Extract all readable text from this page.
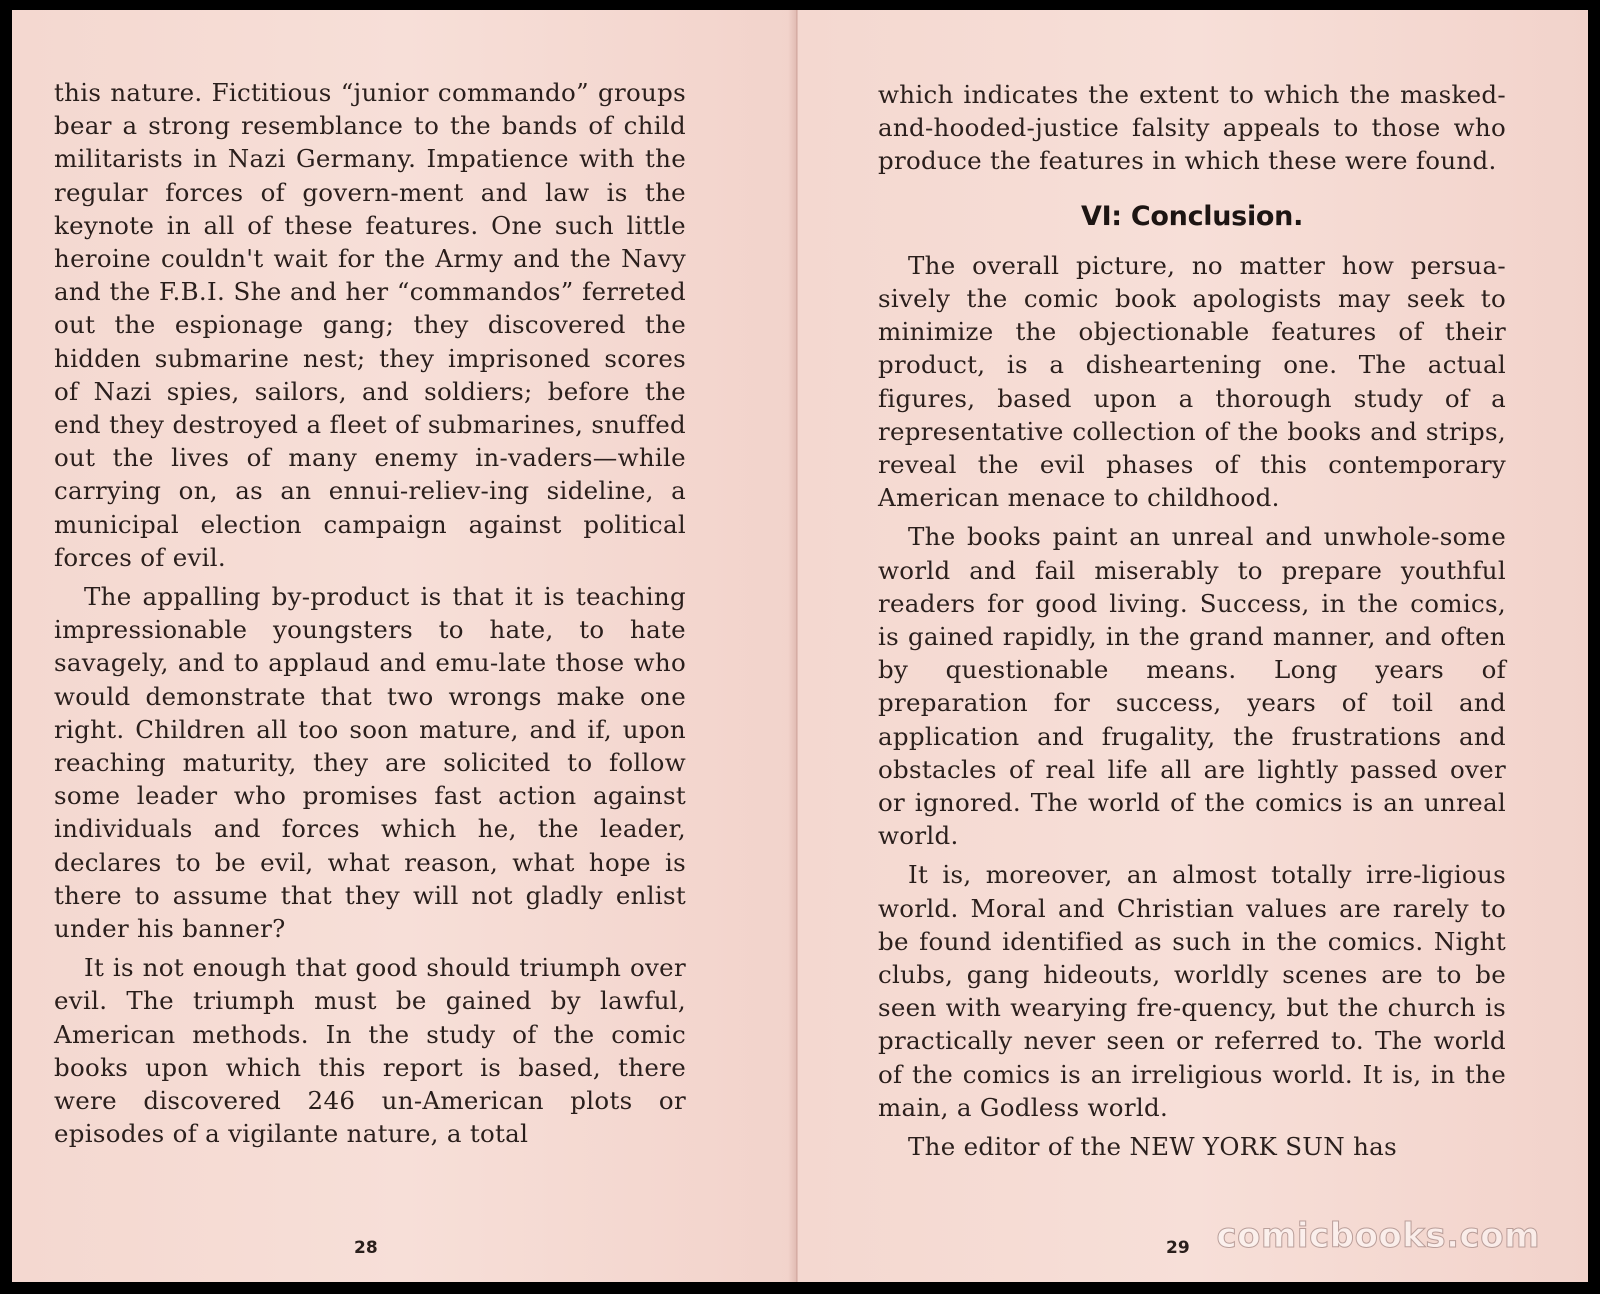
this nature. Fictitious “junior commando” groups bear a strong resemblance to the bands of child militarists in Nazi Germany. Impatience with the regular forces of govern-ment and law is the keynote in all of these features. One such little heroine couldn't wait for the Army and the Navy and the F.B.I. She and her “commandos” ferreted out the espionage gang; they discovered the hidden submarine nest; they imprisoned scores of Nazi spies, sailors, and soldiers; before the end they destroyed a fleet of submarines, snuffed out the lives of many enemy in-vaders—while carrying on, as an ennui-reliev-ing sideline, a municipal election campaign against political forces of evil.

The appalling by-product is that it is teaching impressionable youngsters to hate, to hate savagely, and to applaud and emu-late those who would demonstrate that two wrongs make one right. Children all too soon mature, and if, upon reaching maturity, they are solicited to follow some leader who promises fast action against individuals and forces which he, the leader, declares to be evil, what reason, what hope is there to assume that they will not gladly enlist under his banner?

It is not enough that good should triumph over evil. The triumph must be gained by lawful, American methods. In the study of the comic books upon which this report is based, there were discovered 246 un-American plots or episodes of a vigilante nature, a total

28

which indicates the extent to which the masked-and-hooded-justice falsity appeals to those who produce the features in which these were found.

VI: Conclusion.

The overall picture, no matter how persua-sively the comic book apologists may seek to minimize the objectionable features of their product, is a disheartening one. The actual figures, based upon a thorough study of a representative collection of the books and strips, reveal the evil phases of this contemporary American menace to childhood.

The books paint an unreal and unwhole-some world and fail miserably to prepare youthful readers for good living. Success, in the comics, is gained rapidly, in the grand manner, and often by questionable means. Long years of preparation for success, years of toil and application and frugality, the frustrations and obstacles of real life all are lightly passed over or ignored. The world of the comics is an unreal world.

It is, moreover, an almost totally irre-ligious world. Moral and Christian values are rarely to be found identified as such in the comics. Night clubs, gang hideouts, worldly scenes are to be seen with wearying fre-quency, but the church is practically never seen or referred to. The world of the comics is an irreligious world. It is, in the main, a Godless world.

The editor of the NEW YORK SUN has

29 comicbooks.com
